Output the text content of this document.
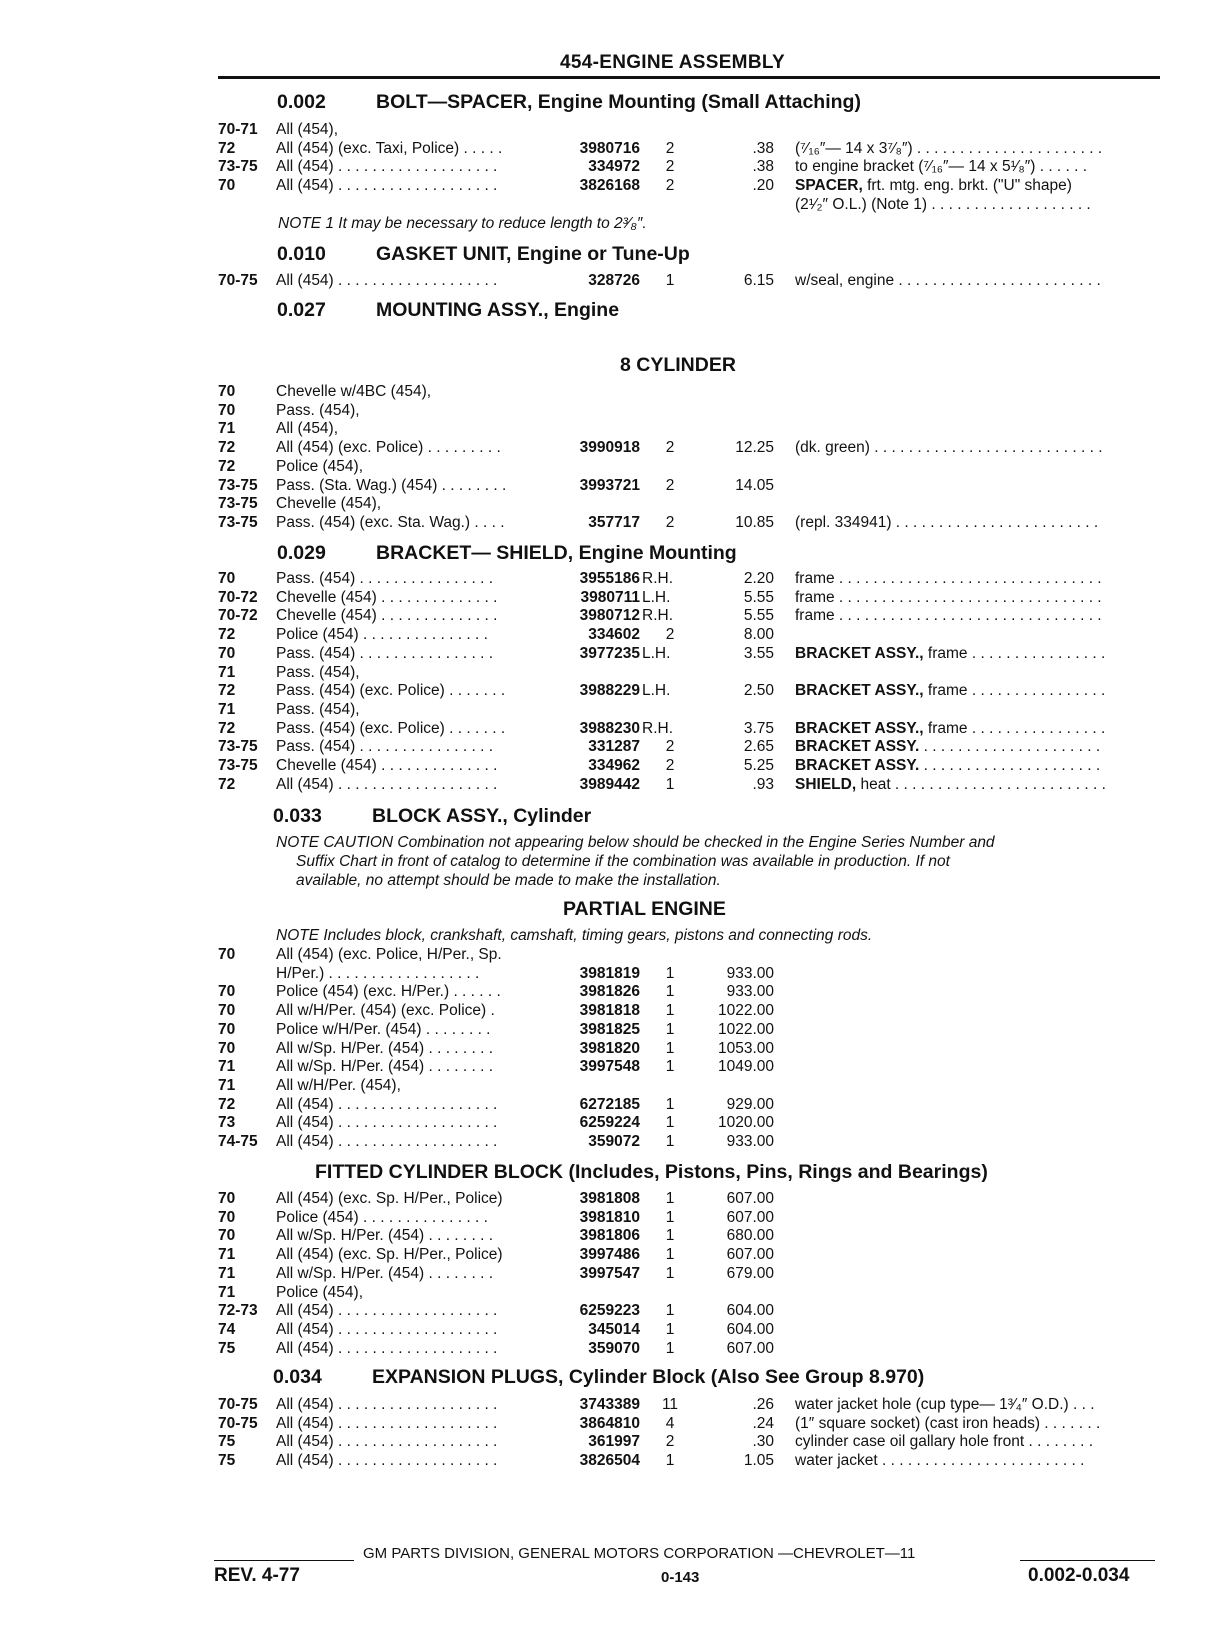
454-ENGINE ASSEMBLY
0.002	BOLT—SPACER, Engine Mounting (Small Attaching)
70-71 All (454),
72	All (454) (exc. Taxi, Police) . . . . .	3980716	2	.38 (⁷⁄₁₆″— 14 x 3⁷⁄₈″) . . . . . . . . . . . . . . . . . . . . . .
73-75 All (454) . . . . . . . . . . . . . . . . . . .	334972	2	.38 to engine bracket (⁷⁄₁₆″— 14 x 5¹⁄₈″) . . . . . .
70	All (454) . . . . . . . . . . . . . . . . . . .	3826168	2	.20 SPACER, frt. mtg. eng. brkt. ("U" shape)
(2¹⁄₂″ O.L.) (Note 1) . . . . . . . . . . . . . . . . . . .
NOTE 1 It may be necessary to reduce length to 2³⁄₈″.
0.010	GASKET UNIT, Engine or Tune-Up
70-75 All (454) . . . . . . . . . . . . . . . . . . .	328726	1	6.15 w/seal, engine . . . . . . . . . . . . . . . . . . . . . . . .
0.027	MOUNTING ASSY., Engine
8 CYLINDER
70	Chevelle w/4BC (454),
70	Pass. (454),
71	All (454),
72	All (454) (exc. Police) . . . . . . . . .	3990918	2	12.25 (dk. green) . . . . . . . . . . . . . . . . . . . . . . . . . . .
72	Police (454),
73-75 Pass. (Sta. Wag.) (454) . . . . . . . .	3993721	2	14.05
73-75 Chevelle (454),
73-75 Pass. (454) (exc. Sta. Wag.) . . . .	357717	2	10.85 (repl. 334941) . . . . . . . . . . . . . . . . . . . . . . . .
0.029	BRACKET— SHIELD, Engine Mounting
70	Pass. (454) . . . . . . . . . . . . . . . .	3955186 R.H.	2.20 frame . . . . . . . . . . . . . . . . . . . . . . . . . . . . . . .
70-72 Chevelle (454) . . . . . . . . . . . . . .	3980711 L.H.	5.55 frame . . . . . . . . . . . . . . . . . . . . . . . . . . . . . . .
70-72 Chevelle (454) . . . . . . . . . . . . . .	3980712 R.H.	5.55 frame . . . . . . . . . . . . . . . . . . . . . . . . . . . . . . .
72	Police (454) . . . . . . . . . . . . . . .	334602	2	8.00
70	Pass. (454) . . . . . . . . . . . . . . . .	3977235 L.H.	3.55 BRACKET ASSY., frame . . . . . . . . . . . . . . . .
71	Pass. (454),
72	Pass. (454) (exc. Police) . . . . . . .	3988229 L.H.	2.50 BRACKET ASSY., frame . . . . . . . . . . . . . . . .
71	Pass. (454),
72	Pass. (454) (exc. Police) . . . . . . .	3988230 R.H.	3.75 BRACKET ASSY., frame . . . . . . . . . . . . . . . .
73-75 Pass. (454) . . . . . . . . . . . . . . . .	331287	2	2.65 BRACKET ASSY. . . . . . . . . . . . . . . . . . . . . .
73-75 Chevelle (454) . . . . . . . . . . . . . .	334962	2	5.25 BRACKET ASSY. . . . . . . . . . . . . . . . . . . . . .
72	All (454) . . . . . . . . . . . . . . . . . . .	3989442	1	.93 SHIELD, heat . . . . . . . . . . . . . . . . . . . . . . . . .
0.033	BLOCK ASSY., Cylinder
NOTE CAUTION Combination not appearing below should be checked in the Engine Series Number and
Suffix Chart in front of catalog to determine if the combination was available in production. If not
available, no attempt should be made to make the installation.
PARTIAL ENGINE
NOTE Includes block, crankshaft, camshaft, timing gears, pistons and connecting rods.
70	All (454) (exc. Police, H/Per., Sp.
H/Per.) . . . . . . . . . . . . . . . . . .	3981819	1	933.00
70	Police (454) (exc. H/Per.) . . . . . .	3981826	1	933.00
70	All w/H/Per. (454) (exc. Police) .	3981818	1	1022.00
70	Police w/H/Per. (454) . . . . . . . .	3981825	1	1022.00
70	All w/Sp. H/Per. (454) . . . . . . . .	3981820	1	1053.00
71	All w/Sp. H/Per. (454) . . . . . . . .	3997548	1	1049.00
71	All w/H/Per. (454),
72	All (454) . . . . . . . . . . . . . . . . . . .	6272185	1	929.00
73	All (454) . . . . . . . . . . . . . . . . . . .	6259224	1	1020.00
74-75 All (454) . . . . . . . . . . . . . . . . . . .	359072	1	933.00
FITTED CYLINDER BLOCK (Includes, Pistons, Pins, Rings and Bearings)
70	All (454) (exc. Sp. H/Per., Police)	3981808	1	607.00
70	Police (454) . . . . . . . . . . . . . . .	3981810	1	607.00
70	All w/Sp. H/Per. (454) . . . . . . . .	3981806	1	680.00
71	All (454) (exc. Sp. H/Per., Police)	3997486	1	607.00
71	All w/Sp. H/Per. (454) . . . . . . . .	3997547	1	679.00
71	Police (454),
72-73 All (454) . . . . . . . . . . . . . . . . . . .	6259223	1	604.00
74	All (454) . . . . . . . . . . . . . . . . . . .	345014	1	604.00
75	All (454) . . . . . . . . . . . . . . . . . . .	359070	1	607.00
0.034	EXPANSION PLUGS, Cylinder Block (Also See Group 8.970)
70-75 All (454) . . . . . . . . . . . . . . . . . . .	3743389 11	.26 water jacket hole (cup type— 1³⁄₄″ O.D.) . . .
70-75 All (454) . . . . . . . . . . . . . . . . . . .	3864810	4	.24 (1″ square socket) (cast iron heads) . . . . . . .
75	All (454) . . . . . . . . . . . . . . . . . . .	361997	2	.30 cylinder case oil gallary hole front . . . . . . . .
75	All (454) . . . . . . . . . . . . . . . . . . .	3826504	1	1.05 water jacket . . . . . . . . . . . . . . . . . . . . . . . .
GM PARTS DIVISION, GENERAL MOTORS CORPORATION —CHEVROLET—11
REV. 4-77	0-143	0.002-0.034
